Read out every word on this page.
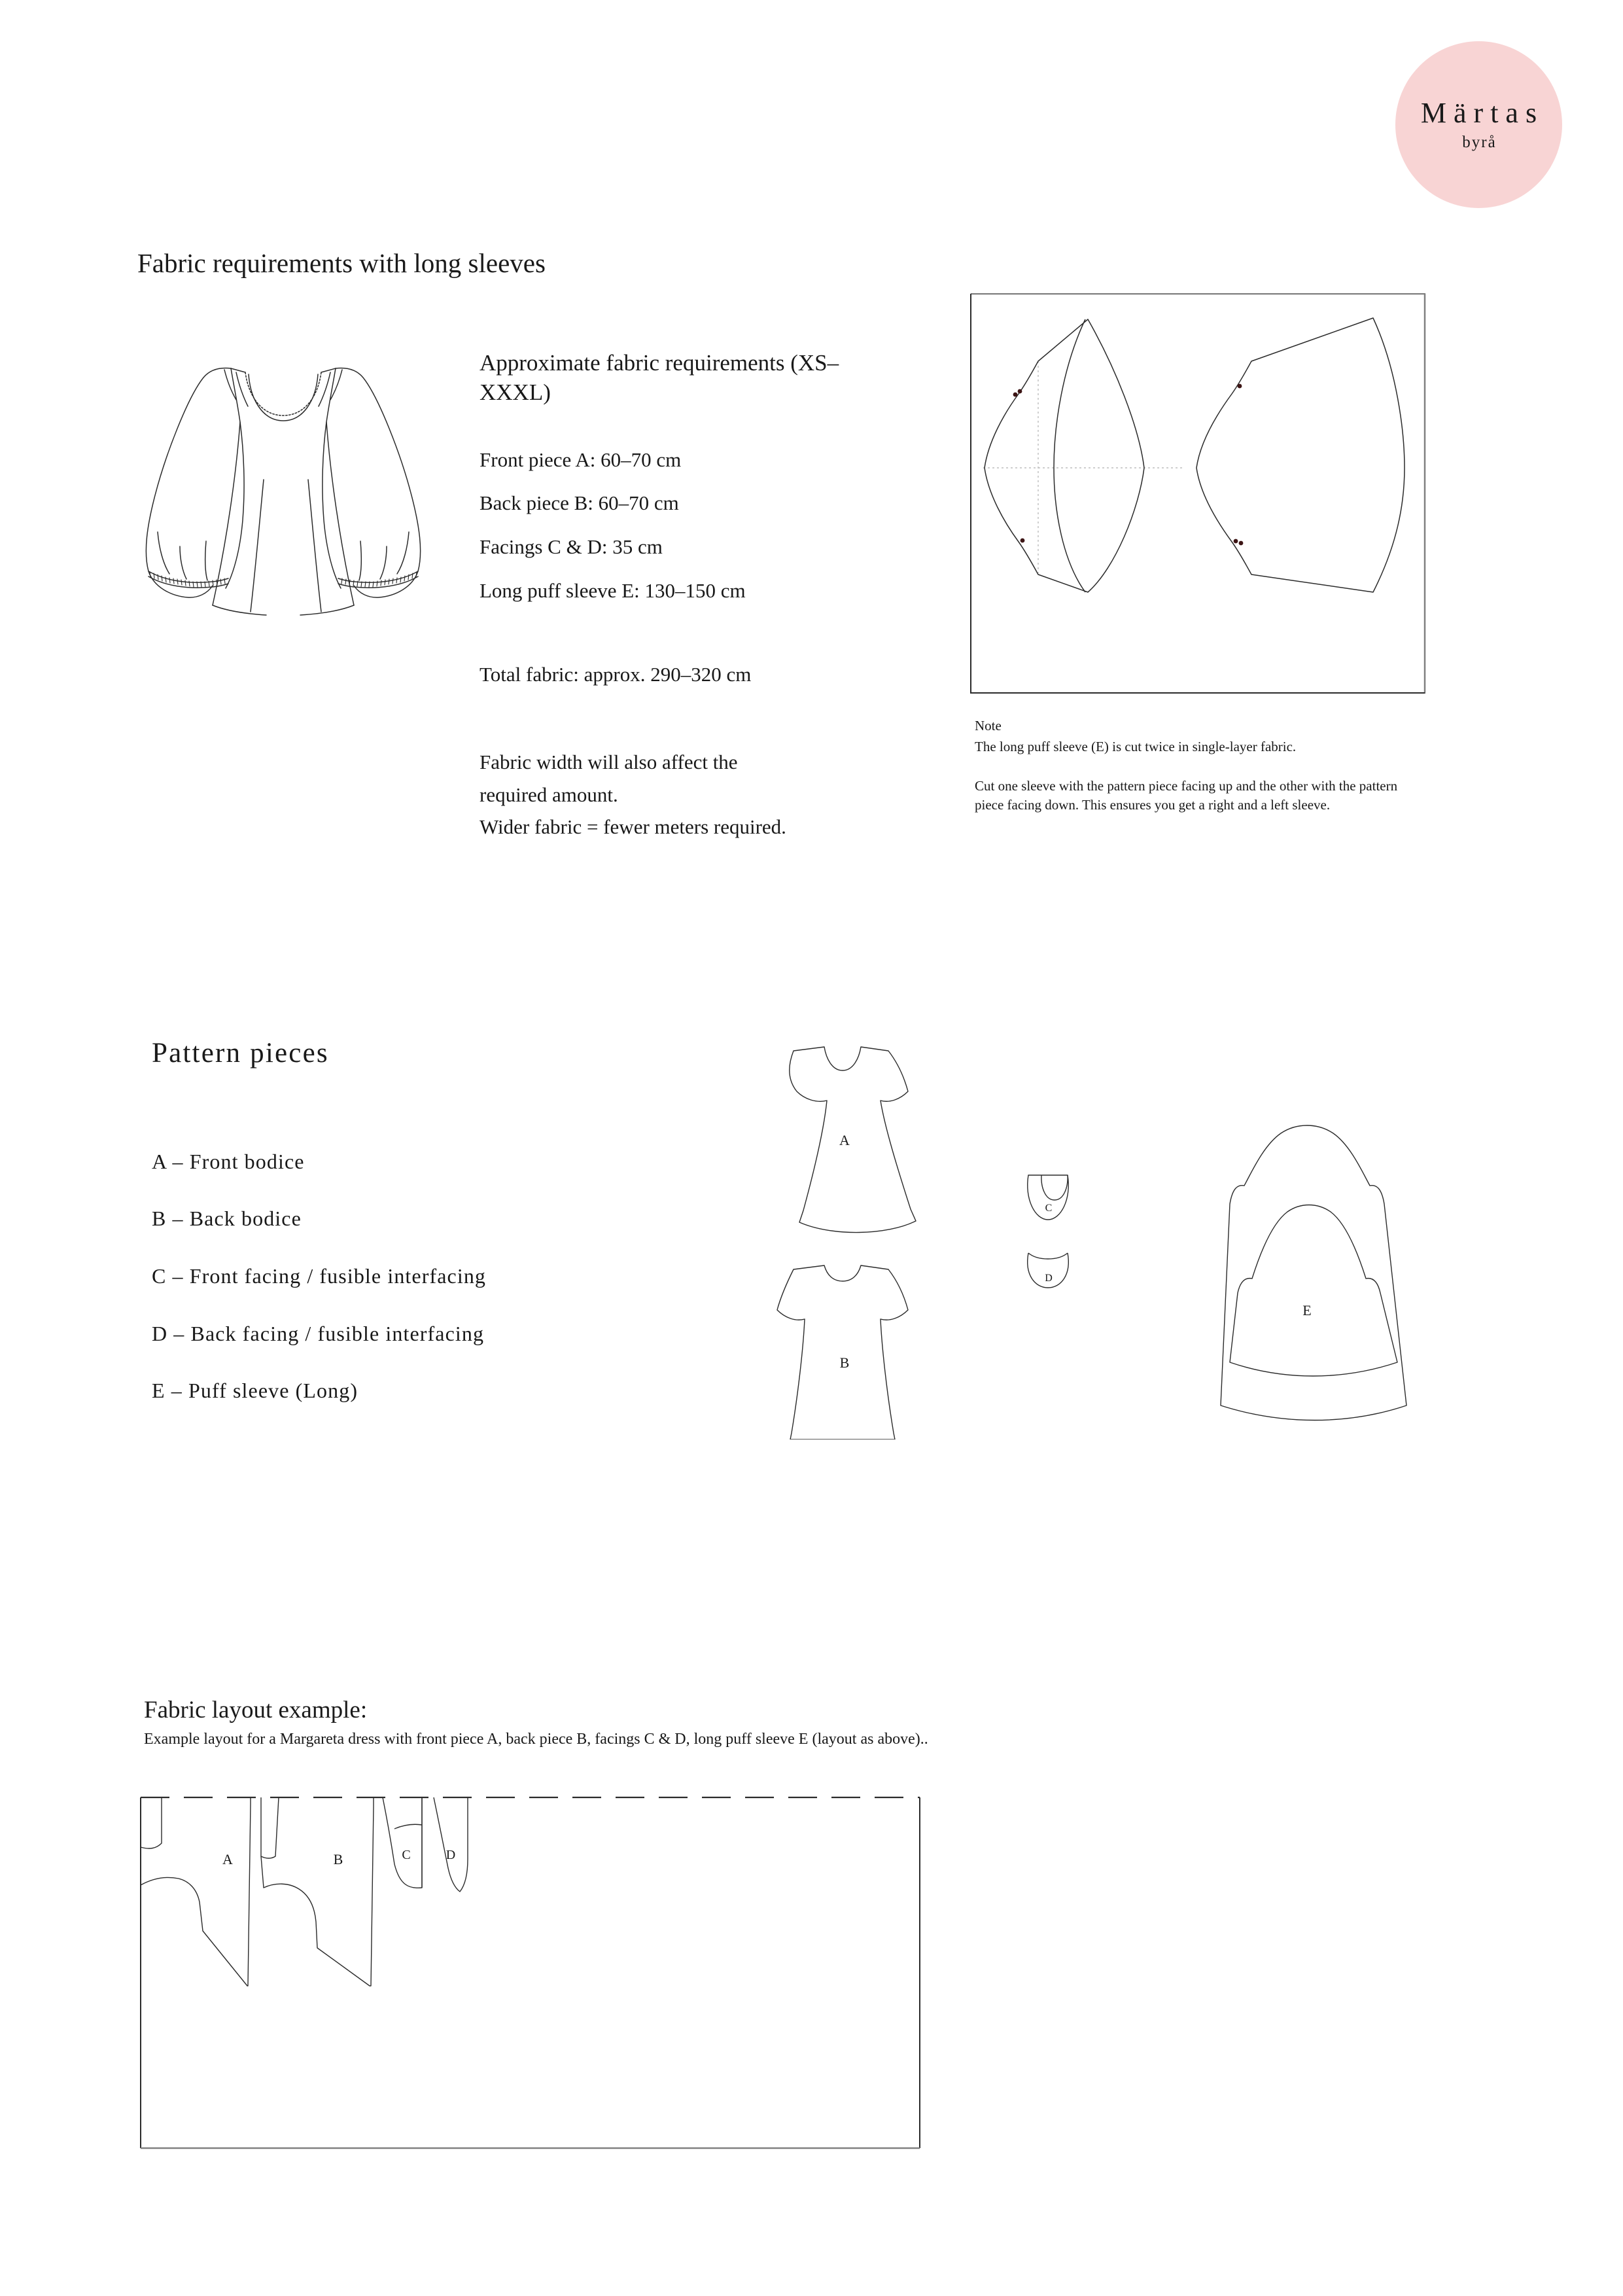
Märtas
byrå
Fabric requirements with long sleeves
Approximate fabric requirements (XS–XXXL)
Front piece A: 60–70 cm
Back piece B: 60–70 cm
Facings C & D: 35 cm
Long puff sleeve E: 130–150 cm
Total fabric: approx. 290–320 cm
Fabric width will also affect the
required amount.
Wider fabric = fewer meters required.
Note
The long puff sleeve (E) is cut twice in single-layer fabric.
Cut one sleeve with the pattern piece facing up and the other with the pattern piece facing down. This ensures you get a right and a left sleeve.
Pattern pieces
A – Front bodice
B – Back bodice
C – Front facing / fusible interfacing
D – Back facing / fusible interfacing
E – Puff sleeve (Long)
A
B
C
D
E
Fabric layout example:
Example layout for a Margareta dress with front piece A, back piece B, facings C & D, long puff sleeve E (layout as above)..
A	B	C	D
